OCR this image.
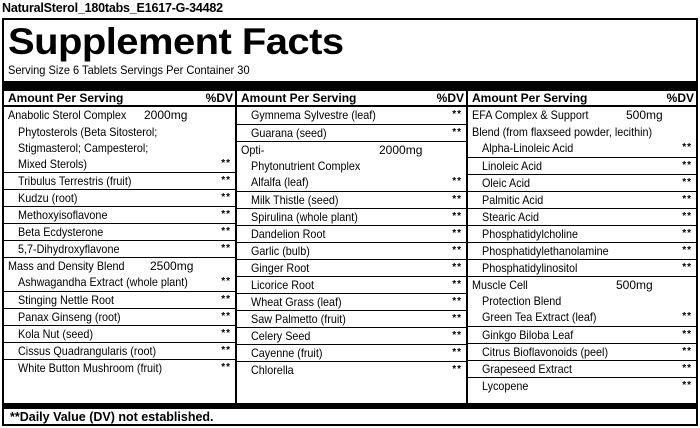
NaturalSterol_180tabs_E1617-G-34482
Supplement Facts
Serving Size 6 Tablets Servings Per Container 30
Amount Per Serving	%DV
Anabolic Sterol Complex 2000mg
Phytosterols (Beta Sitosterol;
Stigmasterol; Campesterol;
Mixed Sterols)	**
Tribulus Terrestris (fruit)	**
Kudzu (root)	**
Methoxyisoflavone	**
Beta Ecdysterone	**
5,7-Dihydroxyflavone	**
Mass and Density Blend 2500mg
Ashwagandha Extract (whole plant)	**
Stinging Nettle Root	**
Panax Ginseng (root)	**
Kola Nut (seed)	**
Cissus Quadrangularis (root)	**
White Button Mushroom (fruit)	**
Amount Per Serving	%DV
Gymnema Sylvestre (leaf)	**
Guarana (seed)	**
Opti-	2000mg
Phytonutrient Complex
Alfalfa (leaf)	**
Milk Thistle (seed)	**
Spirulina (whole plant)	**
Dandelion Root	**
Garlic (bulb)	**
Ginger Root	**
Licorice Root	**
Wheat Grass (leaf)	**
Saw Palmetto (fruit)	**
Celery Seed	**
Cayenne (fruit)	**
Chlorella	**
Amount Per Serving	%DV
EFA Complex & Support	500mg
Blend (from flaxseed powder, lecithin)
Alpha-Linoleic Acid	**
Linoleic Acid	**
Oleic Acid	**
Palmitic Acid	**
Stearic Acid	**
Phosphatidylcholine	**
Phosphatidylethanolamine	**
Phosphatidylinositol	**
Muscle Cell	500mg
Protection Blend
Green Tea Extract (leaf)	**
Ginkgo Biloba Leaf	**
Citrus Bioflavonoids (peel)	**
Grapeseed Extract	**
Lycopene	**
**Daily Value (DV) not established.
